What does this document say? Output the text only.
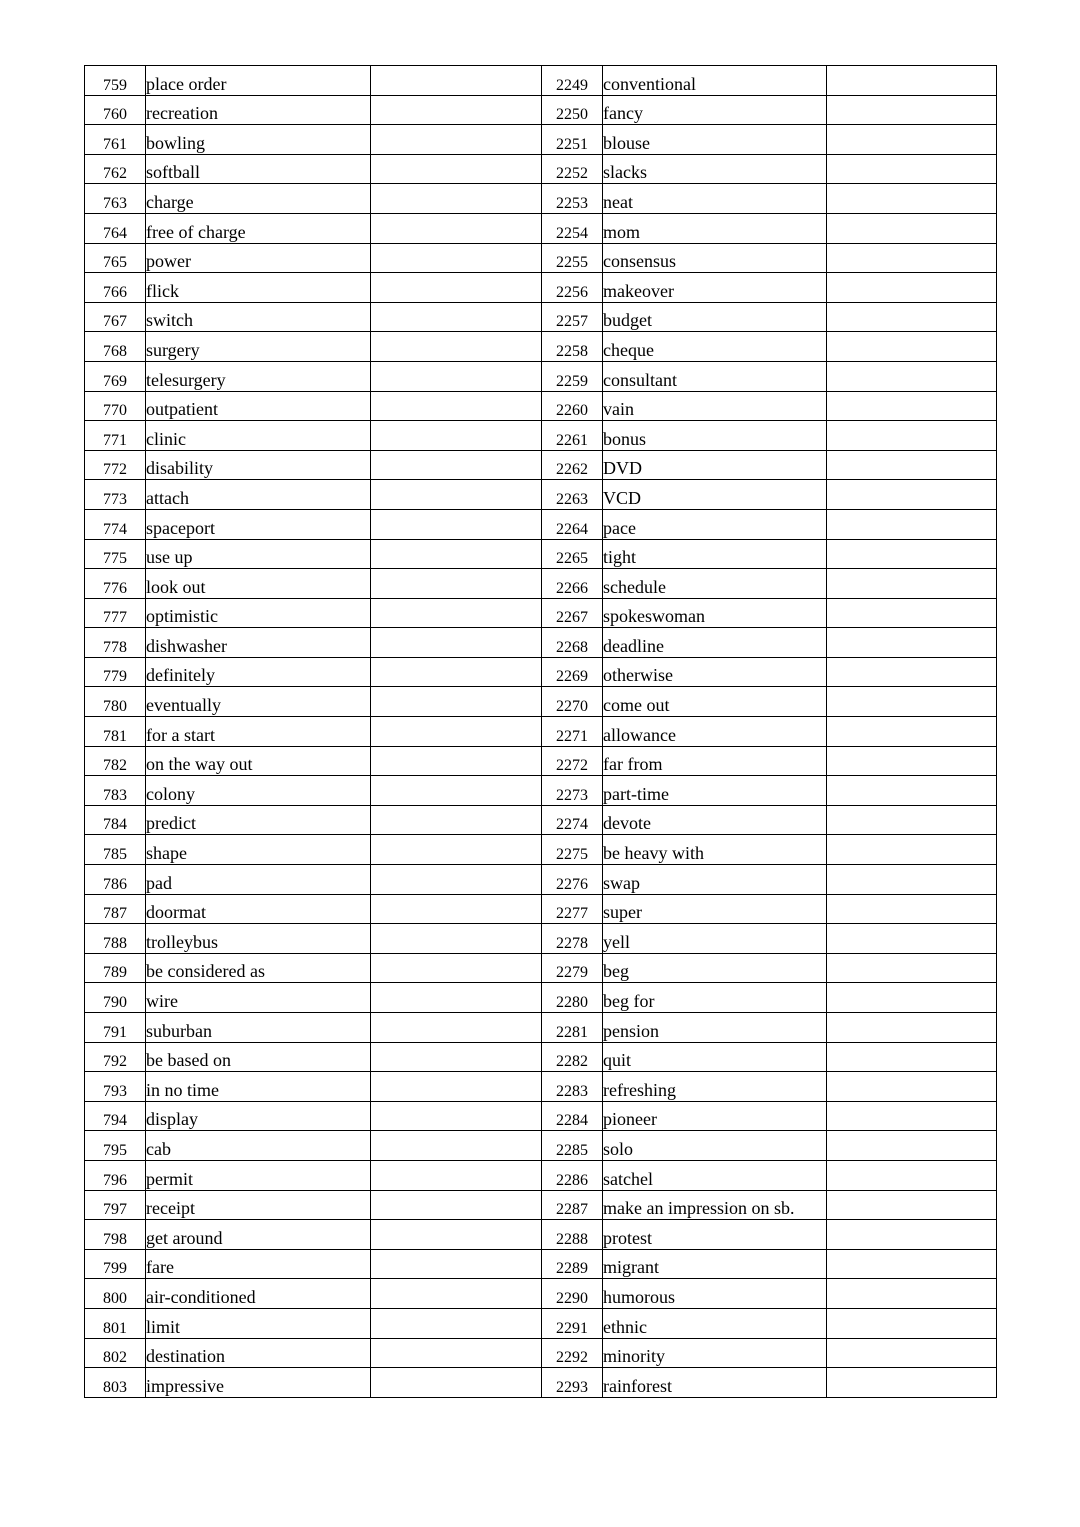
759	place order		2249	conventional	
760	recreation		2250	fancy	
761	bowling		2251	blouse	
762	softball		2252	slacks	
763	charge		2253	neat	
764	free of charge		2254	mom	
765	power		2255	consensus	
766	flick		2256	makeover	
767	switch		2257	budget	
768	surgery		2258	cheque	
769	telesurgery		2259	consultant	
770	outpatient		2260	vain	
771	clinic		2261	bonus	
772	disability		2262	DVD	
773	attach		2263	VCD	
774	spaceport		2264	pace	
775	use up		2265	tight	
776	look out		2266	schedule	
777	optimistic		2267	spokeswoman	
778	dishwasher		2268	deadline	
779	definitely		2269	otherwise	
780	eventually		2270	come out	
781	for a start		2271	allowance	
782	on the way out		2272	far from	
783	colony		2273	part-time	
784	predict		2274	devote	
785	shape		2275	be heavy with	
786	pad		2276	swap	
787	doormat		2277	super	
788	trolleybus		2278	yell	
789	be considered as		2279	beg	
790	wire		2280	beg for	
791	suburban		2281	pension	
792	be based on		2282	quit	
793	in no time		2283	refreshing	
794	display		2284	pioneer	
795	cab		2285	solo	
796	permit		2286	satchel	
797	receipt		2287	make an impression on sb.	
798	get around		2288	protest	
799	fare		2289	migrant	
800	air-conditioned		2290	humorous	
801	limit		2291	ethnic	
802	destination		2292	minority	
803	impressive		2293	rainforest	
